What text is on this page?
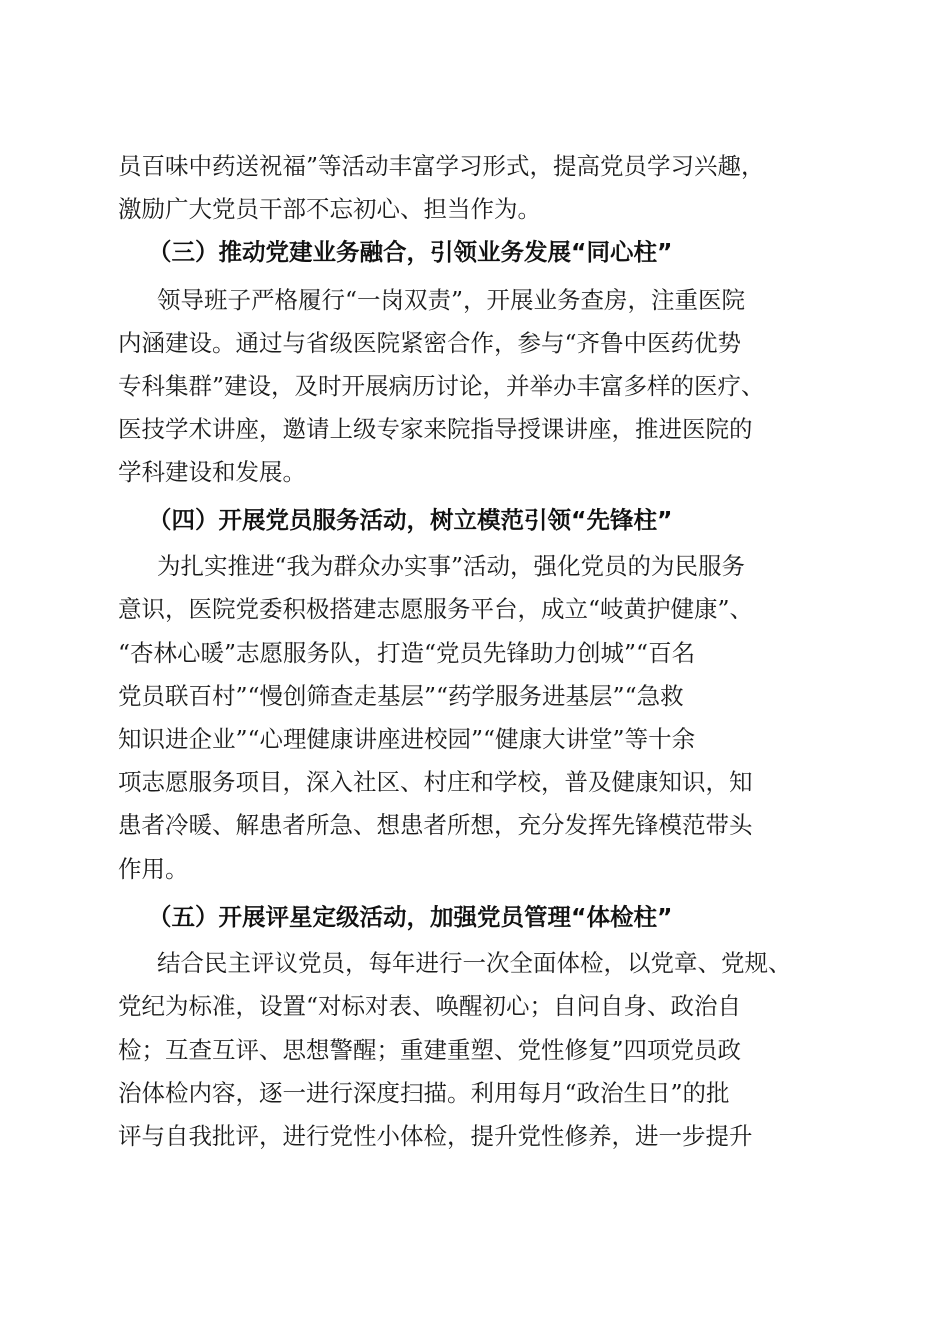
员百味中药送祝福”等活动丰富学习形式，提高党员学习兴趣，

激励广大党员干部不忘初心、担当作为。

（三）推动党建业务融合，引领业务发展“同心柱”

领导班子严格履行“一岗双责”，开展业务查房，注重医院

内涵建设。通过与省级医院紧密合作，参与“齐鲁中医药优势

专科集群”建设，及时开展病历讨论，并举办丰富多样的医疗、

医技学术讲座，邀请上级专家来院指导授课讲座，推进医院的

学科建设和发展。

（四）开展党员服务活动，树立模范引领“先锋柱”

为扎实推进“我为群众办实事”活动，强化党员的为民服务

意识，医院党委积极搭建志愿服务平台，成立“岐黄护健康”、

“杏林心暖”志愿服务队，打造“党员先锋助力创城”“百名

党员联百村”“慢创筛查走基层”“药学服务进基层”“急救

知识进企业”“心理健康讲座进校园”“健康大讲堂”等十余

项志愿服务项目，深入社区、村庄和学校，普及健康知识，知

患者冷暖、解患者所急、想患者所想，充分发挥先锋模范带头

作用。

（五）开展评星定级活动，加强党员管理“体检柱”

结合民主评议党员，每年进行一次全面体检，以党章、党规、

党纪为标准，设置“对标对表、唤醒初心；自问自身、政治自

检；互查互评、思想警醒；重建重塑、党性修复”四项党员政

治体检内容，逐一进行深度扫描。利用每月“政治生日”的批

评与自我批评，进行党性小体检，提升党性修养，进一步提升
